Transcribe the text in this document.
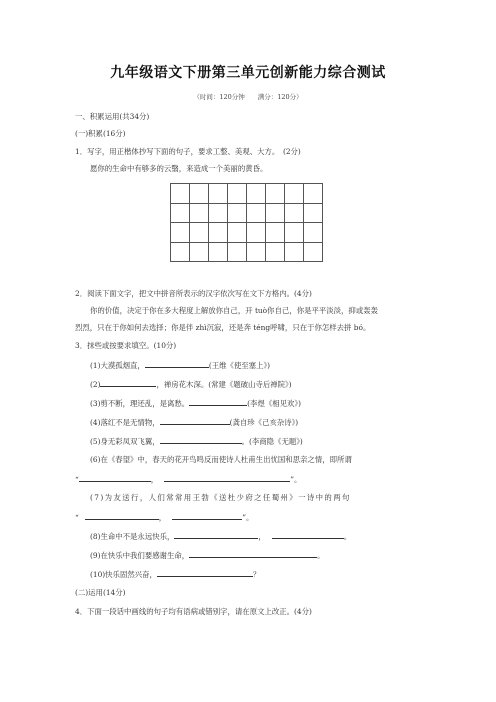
九年级语文下册第三单元创新能力综合测试
（时间：120分钟　　满分：120分）
一、积累运用(共34分)
(一)积累(16分)
1．写字，用正楷体抄写下面的句子，要求工整、美观、大方。　(2分)
愿你的生命中有够多的云翳，来造成一个美丽的黄昏。

2．阅读下面文字，把文中拼音所表示的汉字依次写在文下方格内。(4分)
你的价值，决定于你在多大程度上解放你自己，开 tuò你自己，你是平平淡淡，抑或轰轰
烈烈，只在于你如何去选择；你是伴 zhì沉寂，还是奔 téng呼啸，只在于你怎样去拼 bó。
3．抹些或按要求填空。(10分)
(1)大漠孤烟直，	(王维《使至塞上》)
(2)	，禅房花木深。(常建《题破山寺后禅院》)
(3)剪不断，理还乱，是离愁。	(李煜《相见欢》)
(4)落红不是无情物，	(龚自珍《己亥杂诗》)
(5)身无彩凤双飞翼，	。(李商隐《无题》)
(6)在《春望》中，春天的花开鸟鸣反而使诗人杜甫生出忧国和思亲之情，即所谓
“	，	”。
(7)为友送行，人们常常用王勃《送杜少府之任蜀州》一诗中的两句
“	，	”。
(8)生命中不是永远快乐，	，	。
(9)在快乐中我们要感谢生命，	。
(10)快乐固然兴奋，	？
(二)运用(14分)
4．下面一段话中画线的句子均有语病或错别字，请在原文上改正。(4分)
